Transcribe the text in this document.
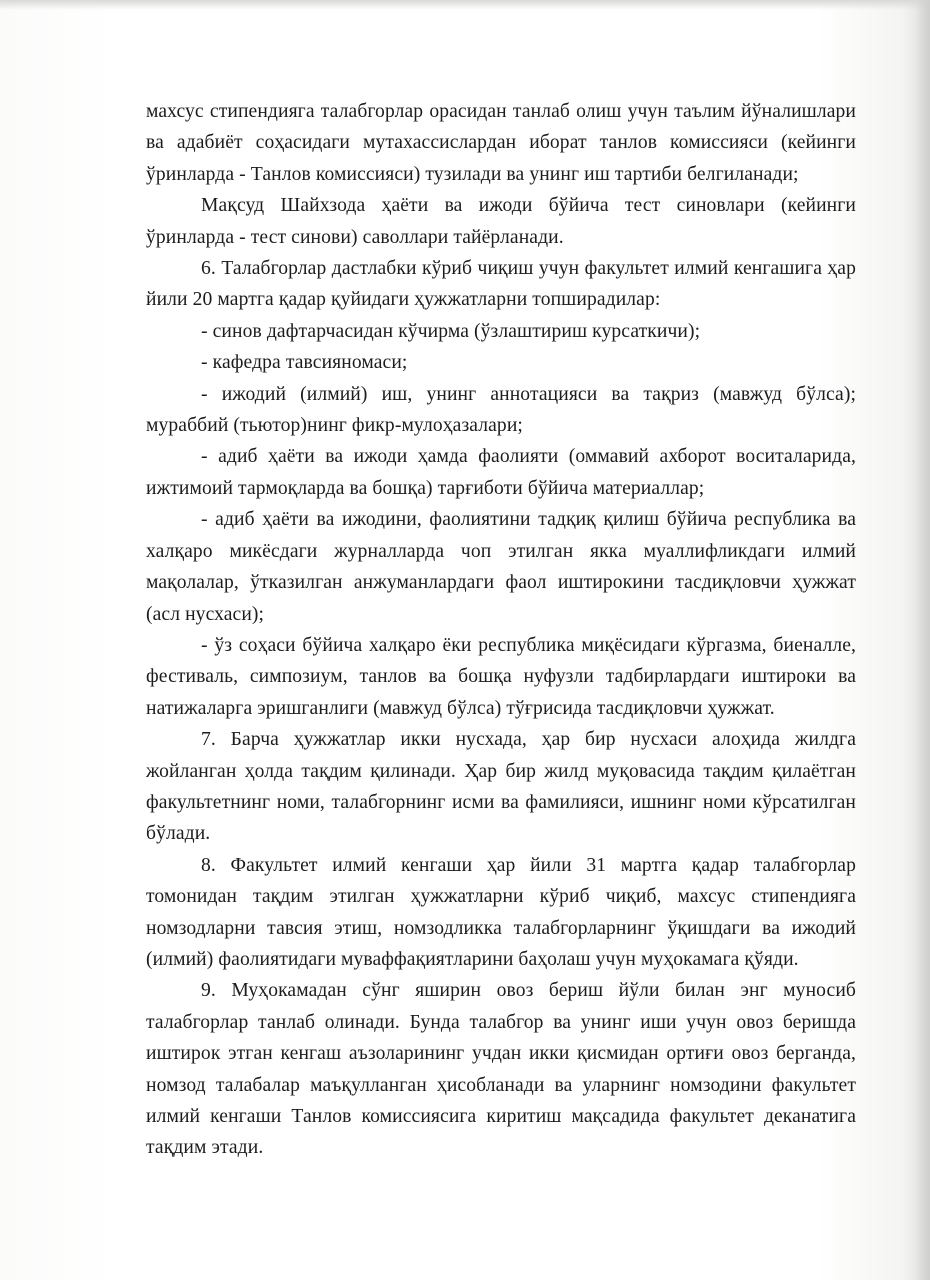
махсус стипендияга талабгорлар орасидан танлаб олиш учун таълим йўналишлари ва адабиёт соҳасидаги мутахассислардан иборат танлов комиссияси (кейинги ўринларда - Танлов комиссияси) тузилади ва унинг иш тартиби белгиланади;

Мақсуд Шайхзода ҳаёти ва ижоди бўйича тест синовлари (кейинги ўринларда - тест синови) саволлари тайёрланади.

6. Талабгорлар дастлабки кўриб чиқиш учун факультет илмий кенгашига ҳар йили 20 мартга қадар қуйидаги ҳужжатларни топширадилар:

- синов дафтарчасидан кўчирма (ўзлаштириш курсаткичи);

- кафедра тавсияномаси;

- ижодий (илмий) иш, унинг аннотацияси ва тақриз (мавжуд бўлса); мураббий (тьютор)нинг фикр-мулоҳазалари;

- адиб ҳаёти ва ижоди ҳамда фаолияти (оммавий ахборот воситаларида, ижтимоий тармоқларда ва бошқа) тарғиботи бўйича материаллар;

- адиб ҳаёти ва ижодини, фаолиятини тадқиқ қилиш бўйича республика ва халқаро микёсдаги журналларда чоп этилган якка муаллифликдаги илмий мақолалар, ўтказилган анжуманлардаги фаол иштирокини тасдиқловчи ҳужжат (асл нусхаси);

- ўз соҳаси бўйича халқаро ёки республика миқёсидаги кўргазма, биеналле, фестиваль, симпозиум, танлов ва бошқа нуфузли тадбирлардаги иштироки ва натижаларга эришганлиги (мавжуд бўлса) тўғрисида тасдиқловчи ҳужжат.

7. Барча ҳужжатлар икки нусхада, ҳар бир нусхаси алоҳида жилдга жойланган ҳолда тақдим қилинади. Ҳар бир жилд муқовасида тақдим қилаётган факультетнинг номи, талабгорнинг исми ва фамилияси, ишнинг номи кўрсатилган бўлади.

8. Факультет илмий кенгаши ҳар йили 31 мартга қадар талабгорлар томонидан тақдим этилган ҳужжатларни кўриб чиқиб, махсус стипендияга номзодларни тавсия этиш, номзодликка талабгорларнинг ўқишдаги ва ижодий (илмий) фаолиятидаги муваффақиятларини баҳолаш учун муҳокамага қўяди.

9. Муҳокамадан сўнг яширин овоз бериш йўли билан энг муносиб талабгорлар танлаб олинади. Бунда талабгор ва унинг иши учун овоз беришда иштирок этган кенгаш аъзоларининг учдан икки қисмидан ортиғи овоз берганда, номзод талабалар маъқулланган ҳисобланади ва уларнинг номзодини факультет илмий кенгаши Танлов комиссиясига киритиш мақсадида факультет деканатига тақдим этади.
